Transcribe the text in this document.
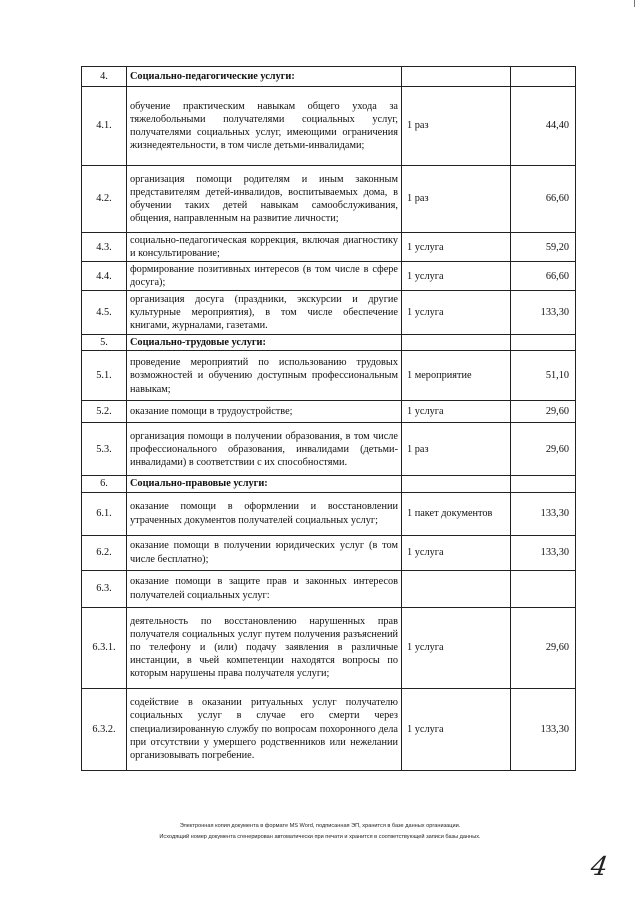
4.	Социально-педагогические услуги:		
4.1.	обучение практическим навыкам общего ухода за тяжелобольными получателями социальных услуг, получателями социальных услуг, имеющими ограничения жизнедеятельности, в том числе детьми-инвалидами;	1 раз	44,40
4.2.	организация помощи родителям и иным законным представителям детей-инвалидов, воспитываемых дома, в обучении таких детей навыкам самообслуживания, общения, направленным на развитие личности;	1 раз	66,60
4.3.	социально-педагогическая коррекция, включая диагностику и консультирование;	1 услуга	59,20
4.4.	формирование позитивных интересов (в том числе в сфере досуга);	1 услуга	66,60
4.5.	организация досуга (праздники, экскурсии и другие культурные мероприятия), в том числе обеспечение книгами, журналами, газетами.	1 услуга	133,30
5.	Социально-трудовые услуги:		
5.1.	проведение мероприятий по использованию трудовых возможностей и обучению доступным профессиональным навыкам;	1 мероприятие	51,10
5.2.	оказание помощи в трудоустройстве;	1 услуга	29,60
5.3.	организация помощи в получении образования, в том числе профессионального образования, инвалидами (детьми-инвалидами) в соответствии с их способностями.	1 раз	29,60
6.	Социально-правовые услуги:		
6.1.	оказание помощи в оформлении и восстановлении утраченных документов получателей социальных услуг;	1 пакет документов	133,30
6.2.	оказание помощи в получении юридических услуг (в том числе бесплатно);	1 услуга	133,30
6.3.	оказание помощи в защите прав и законных интересов получателей социальных услуг:		
6.3.1.	деятельность по восстановлению нарушенных прав получателя социальных услуг путем получения разъяснений по телефону и (или) подачу заявления в различные инстанции, в чьей компетенции находятся вопросы по которым нарушены права получателя услуги;	1 услуга	29,60
6.3.2.	содействие в оказании ритуальных услуг получателю социальных услуг в случае его смерти через специализированную службу по вопросам похоронного дела при отсутствии у умершего родственников или нежелании организовывать погребение.	1 услуга	133,30
Электронная копия документа в формате MS Word, подписанная ЭП, хранится в базе данных организации.
Исходящий номер документа сгенерирован автоматически при печати и хранится в соответствующей записи базы данных.
4
